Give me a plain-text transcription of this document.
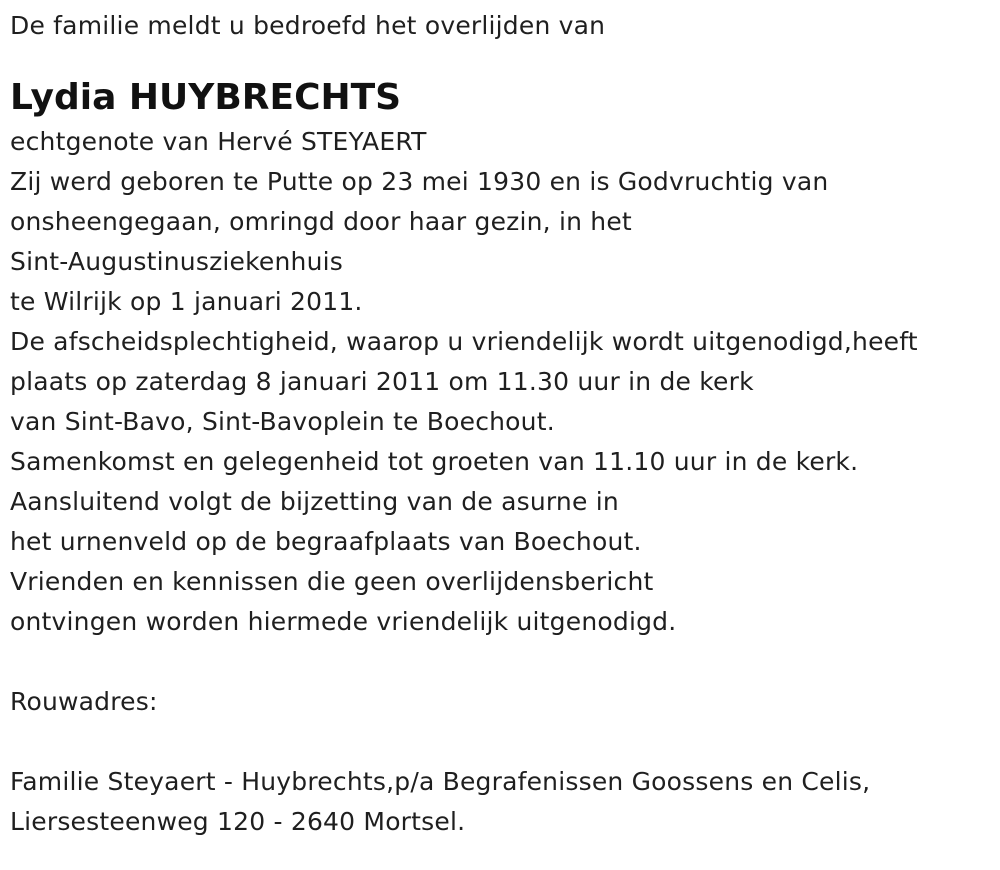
De familie meldt u bedroefd het overlijden van
Lydia HUYBRECHTS
echtgenote van Hervé STEYAERT
Zij werd geboren te Putte op 23 mei 1930 en is Godvruchtig van
onsheengegaan, omringd door haar gezin, in het
Sint-Augustinusziekenhuis
te Wilrijk op 1 januari 2011.
De afscheidsplechtigheid, waarop u vriendelijk wordt uitgenodigd,heeft
plaats op zaterdag 8 januari 2011 om 11.30 uur in de kerk
van Sint-Bavo, Sint-Bavoplein te Boechout.
Samenkomst en gelegenheid tot groeten van 11.10 uur in de kerk.
Aansluitend volgt de bijzetting van de asurne in
het urnenveld op de begraafplaats van Boechout.
Vrienden en kennissen die geen overlijdensbericht
ontvingen worden hiermede vriendelijk uitgenodigd.
Rouwadres:
Familie Steyaert - Huybrechts,p/a Begrafenissen Goossens en Celis,
Liersesteenweg 120 - 2640 Mortsel.
